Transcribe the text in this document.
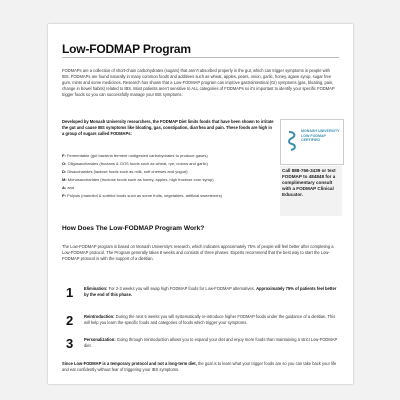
Low-FODMAP Program
FODMAPs are a collection of short-chain carbohydrates (sugars) that aren't absorbed properly in the gut, which can trigger symptoms in people with IBS. FODMAPs are found naturally in many common foods and additives such as wheat, apples, pears, onion, garlic, honey, agave syrup, sugar free gum, mints and some medicines. Research has shown that a Low-FODMAP program can improve gastrointestinal (GI) symptoms (gas, bloating, pain, change in bowel habits) related to IBS. Most patients aren't sensitive to ALL categories of FODMAPs so it's important to identify your specific FODMAP trigger foods so you can successfully manage your IBS symptoms.
Developed by Monash University researchers, the FODMAP Diet limits foods that have been shown to irritate the gut and cause IBS symptoms like bloating, gas, constipation, diarrhea and pain. These foods are high in a group of sugars called FODMAPs:
F: Fermentable (gut bacteria ferment undigested carbohydrates to produce gases)
O: Oligosaccharides (fructans & GOS foods such as wheat, rye, onions and garlic)
D: Disaccharides (lactose foods such as milk, soft cheeses and yogurt)
M: Monosaccharides (fructose foods such as honey, apples, high fructose corn syrup)
A: and
P: Polyols (mannitol & sorbitol foods such as some fruits, vegetables, artificial sweeteners)
MONASH UNIVERSITY LOW FODMAP CERTIFIED
Call 888-766-3439 or text FODMAP to 484848 for a complimentary consult with a FODMAP Clinical Educator.
How Does The Low-FODMAP Program Work?
The Low-FODMAP program is based on Monash University's research, which indicates approximately 75% of people will feel better after completing a Low-FODMAP protocol. The Program generally takes 8 weeks and consists of three phases. Experts recommend that the best way to start the Low-FODMAP protocol is with the support of a dietitian.
1	Elimination: For 2-3 weeks you will swap high FODMAP foods for Low-FODMAP alternatives. Approximately 75% of patients feel better by the end of this phase.
2	Reintroduction: During the next 6 weeks you will systematically re-introduce higher FODMAP foods under the guidance of a dietitian. This will help you learn the specific foods and categories of foods which trigger your symptoms.
3	Personalization: Going through reintroduction allows you to expand your diet and enjoy more foods than maintaining a strict Low-FODMAP diet.
Since Low-FODMAP is a temporary protocol and not a long-term diet, the goal is to learn what your trigger foods are so you can take back your life and eat confidently without fear of triggering your IBS symptoms.
